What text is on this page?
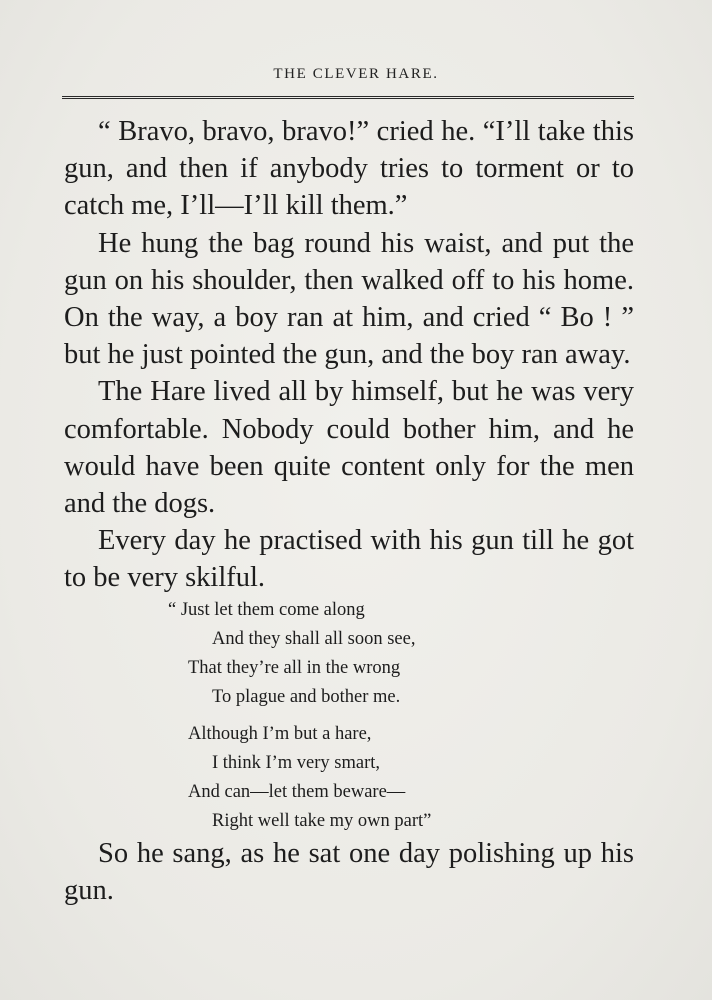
THE CLEVER HARE.

“ Bravo, bravo, bravo!” cried he. “I’ll take this gun, and then if anybody tries to torment or to catch me, I’ll—I’ll kill them.”

He hung the bag round his waist, and put the gun on his shoulder, then walked off to his home. On the way, a boy ran at him, and cried “ Bo ! ” but he just pointed the gun, and the boy ran away.

The Hare lived all by himself, but he was very comfortable. Nobody could bother him, and he would have been quite content only for the men and the dogs.

Every day he practised with his gun till he got to be very skilful.

“ Just let them come along
And they shall all soon see,
That they’re all in the wrong
To plague and bother me.
Although I’m but a hare,
I think I’m very smart,
And can—let them beware—
Right well take my own part”

So he sang, as he sat one day polishing up his gun.
